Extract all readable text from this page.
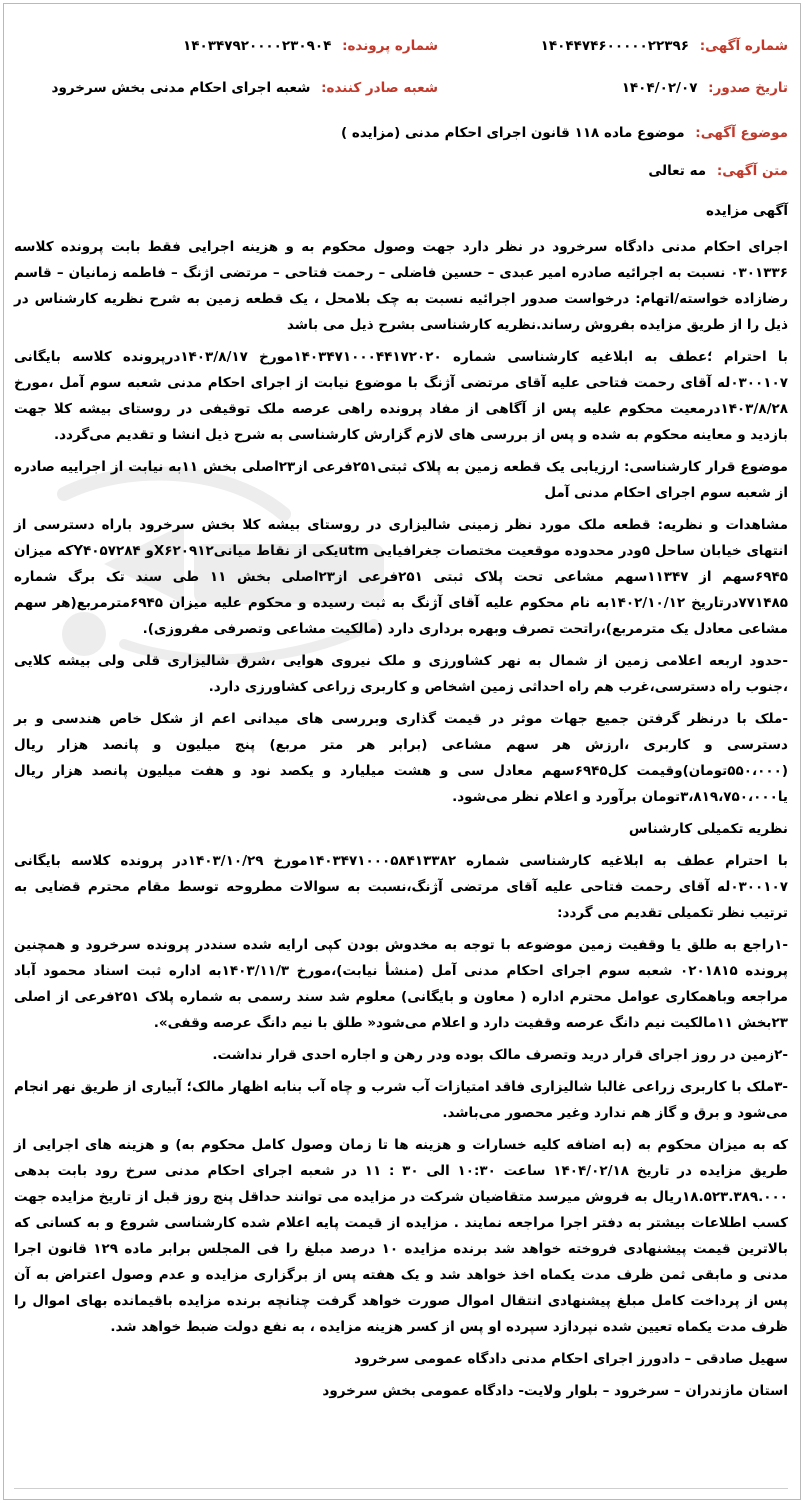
شماره آگهی: ۱۴۰۴۴۷۴۶۰۰۰۰۰۲۲۳۹۶
شماره پرونده: ۱۴۰۳۴۷۹۲۰۰۰۰۲۳۰۹۰۴
تاریخ صدور: ۱۴۰۴/۰۲/۰۷
شعبه صادر کننده: شعبه اجرای احکام مدنی بخش سرخرود
موضوع آگهی: موضوع ماده ۱۱۸ قانون اجرای احکام مدنی (مزایده )
متن آگهی: مه تعالی

آگهی مزایده

اجرای احکام مدنی دادگاه سرخرود در نظر دارد جهت وصول محکوم به و هزینه اجرایی فقط بابت پرونده کلاسه ۰۳۰۱۳۳۶ نسبت به اجرائیه صادره امیر عبدی – حسین فاضلی – رحمت فتاحی – مرتضی اژنگ – فاطمه زمانیان – قاسم رضازاده خواسته/اتهام: درخواست صدور اجرائیه نسبت به چک بلامحل ، یک قطعه زمین به شرح نظریه کارشناس در ذیل را از طریق مزایده بفروش رساند.نظریه کارشناسی بشرح ذیل می باشد

با احترام ؛عطف به ابلاغیه کارشناسی شماره ۱۴۰۳۴۷۱۰۰۰۴۴۱۷۲۰۲۰مورخ ۱۴۰۳/۸/۱۷درپرونده کلاسه بایگانی ۰۳۰۰۱۰۷له آقای رحمت فتاحی علیه آقای مرتضی آژنگ با موضوع نیابت از اجرای احکام مدنی شعبه سوم آمل ،مورخ ۱۴۰۳/۸/۲۸درمعیت محکوم علیه پس از آگاهی از مفاد پرونده راهی عرصه ملک توقیفی در روستای بیشه کلا جهت بازدید و معاینه محکوم به شده و پس از بررسی های لازم گزارش کارشناسی به شرح ذیل انشا و تقدیم می‌گردد.

موضوع قرار کارشناسی: ارزیابی یک قطعه زمین به پلاک ثبتی۲۵۱فرعی از۲۳اصلی بخش ۱۱به نیابت از اجراییه صادره از شعبه سوم اجرای احکام مدنی آمل

مشاهدات و نظریه: قطعه ملک مورد نظر زمینی شالیزاری در روستای بیشه کلا بخش سرخرود باراه دسترسی از انتهای خیابان ساحل ۵ودر محدوده موقعیت مختصات جغرافیایی utmیکی از نقاط میانیX۶۲۰۹۱۲و Y۴۰۵۷۲۸۴که میزان ۶۹۴۵سهم از ۱۱۳۴۷سهم مشاعی تحت پلاک ثبتی ۲۵۱فرعی از۲۳اصلی بخش ۱۱ طی سند تک برگ شماره ۷۷۱۴۸۵درتاریخ ۱۴۰۲/۱۰/۱۲به نام محکوم علیه آقای آژنگ به ثبت رسیده و محکوم علیه میزان ۶۹۴۵مترمربع(هر سهم مشاعی معادل یک مترمربع)،راتحت تصرف وبهره برداری دارد (مالکیت مشاعی وتصرفی مفروزی).

-حدود اربعه اعلامی زمین از شمال به نهر کشاورزی و ملک نیروی هوایی ،شرق شالیزاری قلی ولی بیشه کلایی ،جنوب راه دسترسی،غرب هم راه احداثی زمین اشخاص و کاربری زراعی کشاورزی دارد.

-ملک با درنظر گرفتن جمیع جهات موثر در قیمت گذاری وبررسی های میدانی اعم از شکل خاص هندسی و بر دسترسی و کاربری ،ارزش هر سهم مشاعی (برابر هر متر مربع) پنج میلیون و پانصد هزار ریال (۵۵۰،۰۰۰تومان)وقیمت کل۶۹۴۵سهم معادل سی و هشت میلیارد و یکصد نود و هفت میلیون پانصد هزار ریال یا۳،۸۱۹،۷۵۰،۰۰۰تومان برآورد و اعلام نظر می‌شود.

نظریه تکمیلی کارشناس

با احترام عطف به ابلاغیه کارشناسی شماره ۱۴۰۳۴۷۱۰۰۰۵۸۴۱۳۳۸۲مورخ ۱۴۰۳/۱۰/۲۹در پرونده کلاسه بایگانی ۰۳۰۰۱۰۷له آقای رحمت فتاحی علیه آقای مرتضی آژنگ،نسبت به سوالات مطروحه توسط مقام محترم قضایی به ترتیب نظر تکمیلی تقدیم می گردد:

-۱راجع به طلق یا وقفیت زمین موضوعه با توجه به مخدوش بودن کپی ارایه شده سنددر پرونده سرخرود و همچنین پرونده ۰۲۰۱۸۱۵ شعبه سوم اجرای احکام مدنی آمل (منشأ نیابت)،مورخ ۱۴۰۳/۱۱/۳به اداره ثبت اسناد محمود آباد مراجعه وباهمکاری عوامل محترم اداره ( معاون و بایگانی) معلوم شد سند رسمی به شماره پلاک ۲۵۱فرعی از اصلی ۲۳بخش ۱۱مالکیت نیم دانگ عرصه وقفیت دارد و اعلام می‌شود« طلق با نیم دانگ عرصه وقفی».

-۲زمین در روز اجرای قرار درید وتصرف مالک بوده ودر رهن و اجاره احدی قرار نداشت.

-۳ملک با کاربری زراعی غالبا شالیزاری فاقد امتیازات آب شرب و چاه آب بنابه اظهار مالک؛ آبیاری از طریق نهر انجام می‌شود و برق و گاز هم ندارد وغیر محصور می‌باشد.

که به میزان محکوم به (به اضافه کلیه خسارات و هزینه ها تا زمان وصول کامل محکوم به) و هزینه های اجرایی از طریق مزایده در تاریخ ۱۴۰۴/۰۲/۱۸ ساعت ۱۰:۳۰ الی ۳۰ : ۱۱ در شعبه اجرای احکام مدنی سرخ رود بابت بدهی ۱۸.۵۲۳.۳۸۹.۰۰۰ریال به فروش میرسد متقاضیان شرکت در مزایده می توانند حداقل پنج روز قبل از تاریخ مزایده جهت کسب اطلاعات بیشتر به دفتر اجرا مراجعه نمایند . مزایده از قیمت پایه اعلام شده کارشناسی شروع و به کسانی که بالاترین قیمت پیشنهادی فروخته خواهد شد برنده مزایده ۱۰ درصد مبلغ را فی المجلس برابر ماده ۱۲۹ قانون اجرا مدنی و مابقی ثمن ظرف مدت یکماه اخذ خواهد شد و یک هفته پس از برگزاری مزایده و عدم وصول اعتراض به آن پس از پرداخت کامل مبلغ پیشنهادی انتقال اموال صورت خواهد گرفت چنانچه برنده مزایده باقیمانده بهای اموال را ظرف مدت یکماه تعیین شده نپردازد سپرده او پس از کسر هزینه مزایده ، به نفع دولت ضبط خواهد شد.

سهیل صادقی – دادورز اجرای احکام مدنی دادگاه عمومی سرخرود

استان مازندران – سرخرود – بلوار ولایت- دادگاه عمومی بخش سرخرود
